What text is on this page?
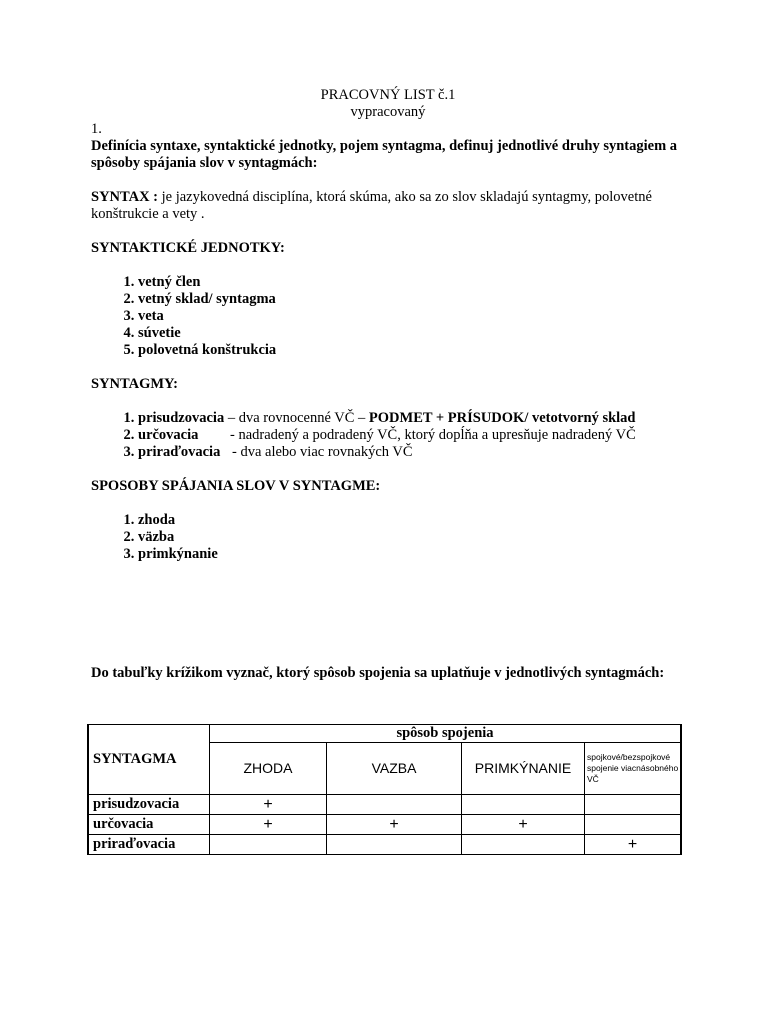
PRACOVNÝ LIST č.1

vypracovaný

1.

Definícia syntaxe, syntaktické jednotky, pojem syntagma, definuj jednotlivé druhy syntagiem a spôsoby spájania slov v syntagmách:

SYNTAX : je jazykovedná disciplína, ktorá skúma, ako sa zo slov skladajú syntagmy, polovetné konštrukcie a vety .

SYNTAKTICKÉ JEDNOTKY:

1. vetný člen
2. vetný sklad/ syntagma
3. veta
4. súvetie
5. polovetná konštrukcia

SYNTAGMY:

1. prisudzovacia – dva rovnocenné VČ – PODMET + PRÍSUDOK/ vetotvorný sklad
2. určovacia - nadradený a podradený VČ, ktorý dopĺňa a upresňuje nadradený VČ
3. priraďovacia - dva alebo viac rovnakých VČ

SPOSOBY SPÁJANIA SLOV V SYNTAGME:

1. zhoda
2. väzba
3. primkýnanie

Do tabuľky krížikom vyznač, ktorý spôsob spojenia sa uplatňuje v jednotlivých syntagmách:

SYNTAGMA	spôsob spojenia			
	ZHODA	VAZBA	PRIMKÝNANIE	spojkové/bezspojkové spojenie viacnásobného VČ
prisudzovacia	+			
určovacia	+	+	+	
priraďovacia				+
